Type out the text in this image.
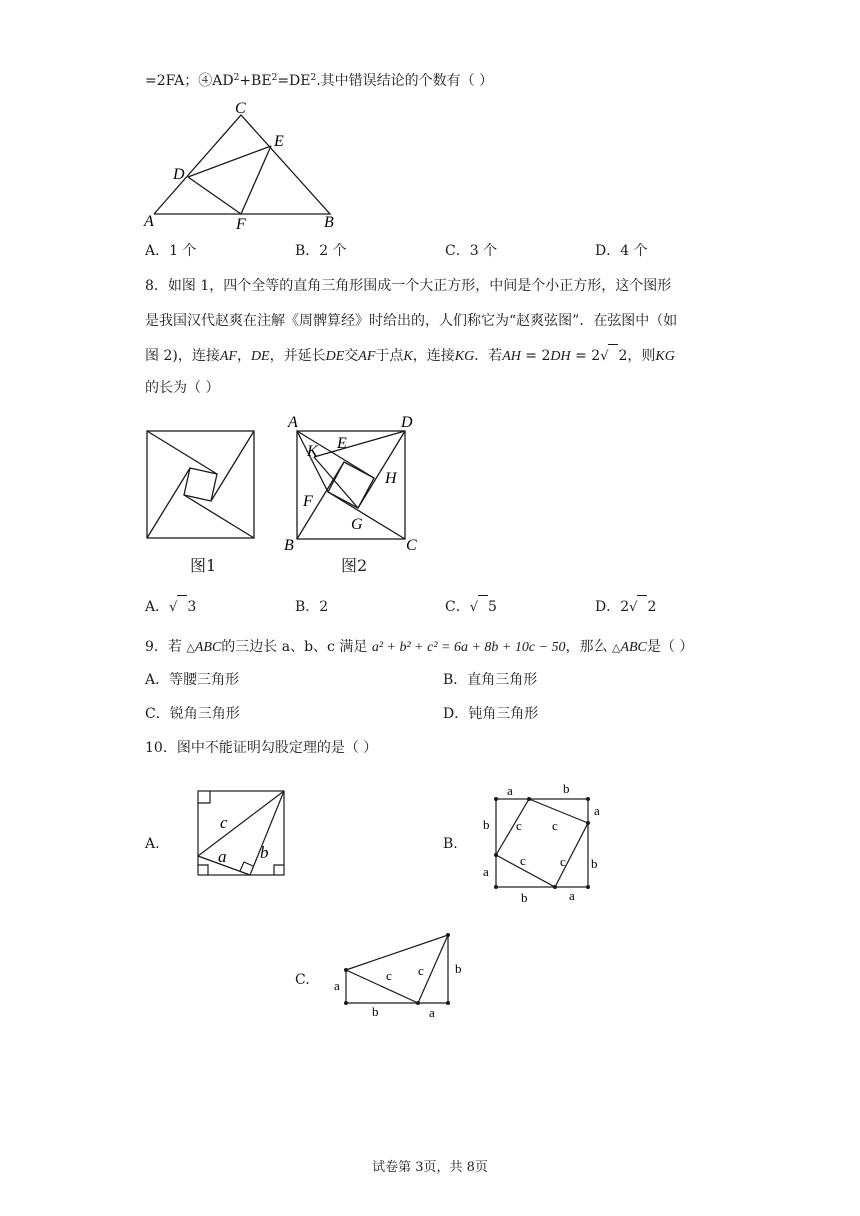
=2FA；$④AD^2+BE^2=DE^2$.其中错误结论的个数有（ ）
C
E
D
A	F	B
A．1 个	B．2 个	C．3 个	D．4 个
8．如图 1，四个全等的直角三角形围成一个大正方形，中间是个小正方形，这个图形
是我国汉代赵爽在注解《周髀算经》时给出的，人们称它为“赵爽弦图”．在弦图中（如
图 2)，连接AF，DE，并延长DE交AF于点K，连接KG．若AH = 2DH = 2√ 2，则KG
的长为（ ）
图1
A	D
K E
H
F
G
B	C
图2
A．√ 3	B．2	C．√ 5	D．2√ 2
9．若 △ABC的三边长 a、b、c 满足 a² + b² + c² = 6a + 8b + 10c − 50，那么 △ABC是（ ）
A．等腰三角形	B．直角三角形
C．锐角三角形	D．钝角三角形
10．图中不能证明勾股定理的是（ ）
A.
c
a b	B.
a	b
b
a
a
b
b	a
c c
c	c
C. a
b	a
b
c c
试卷第 3页，共 8页
